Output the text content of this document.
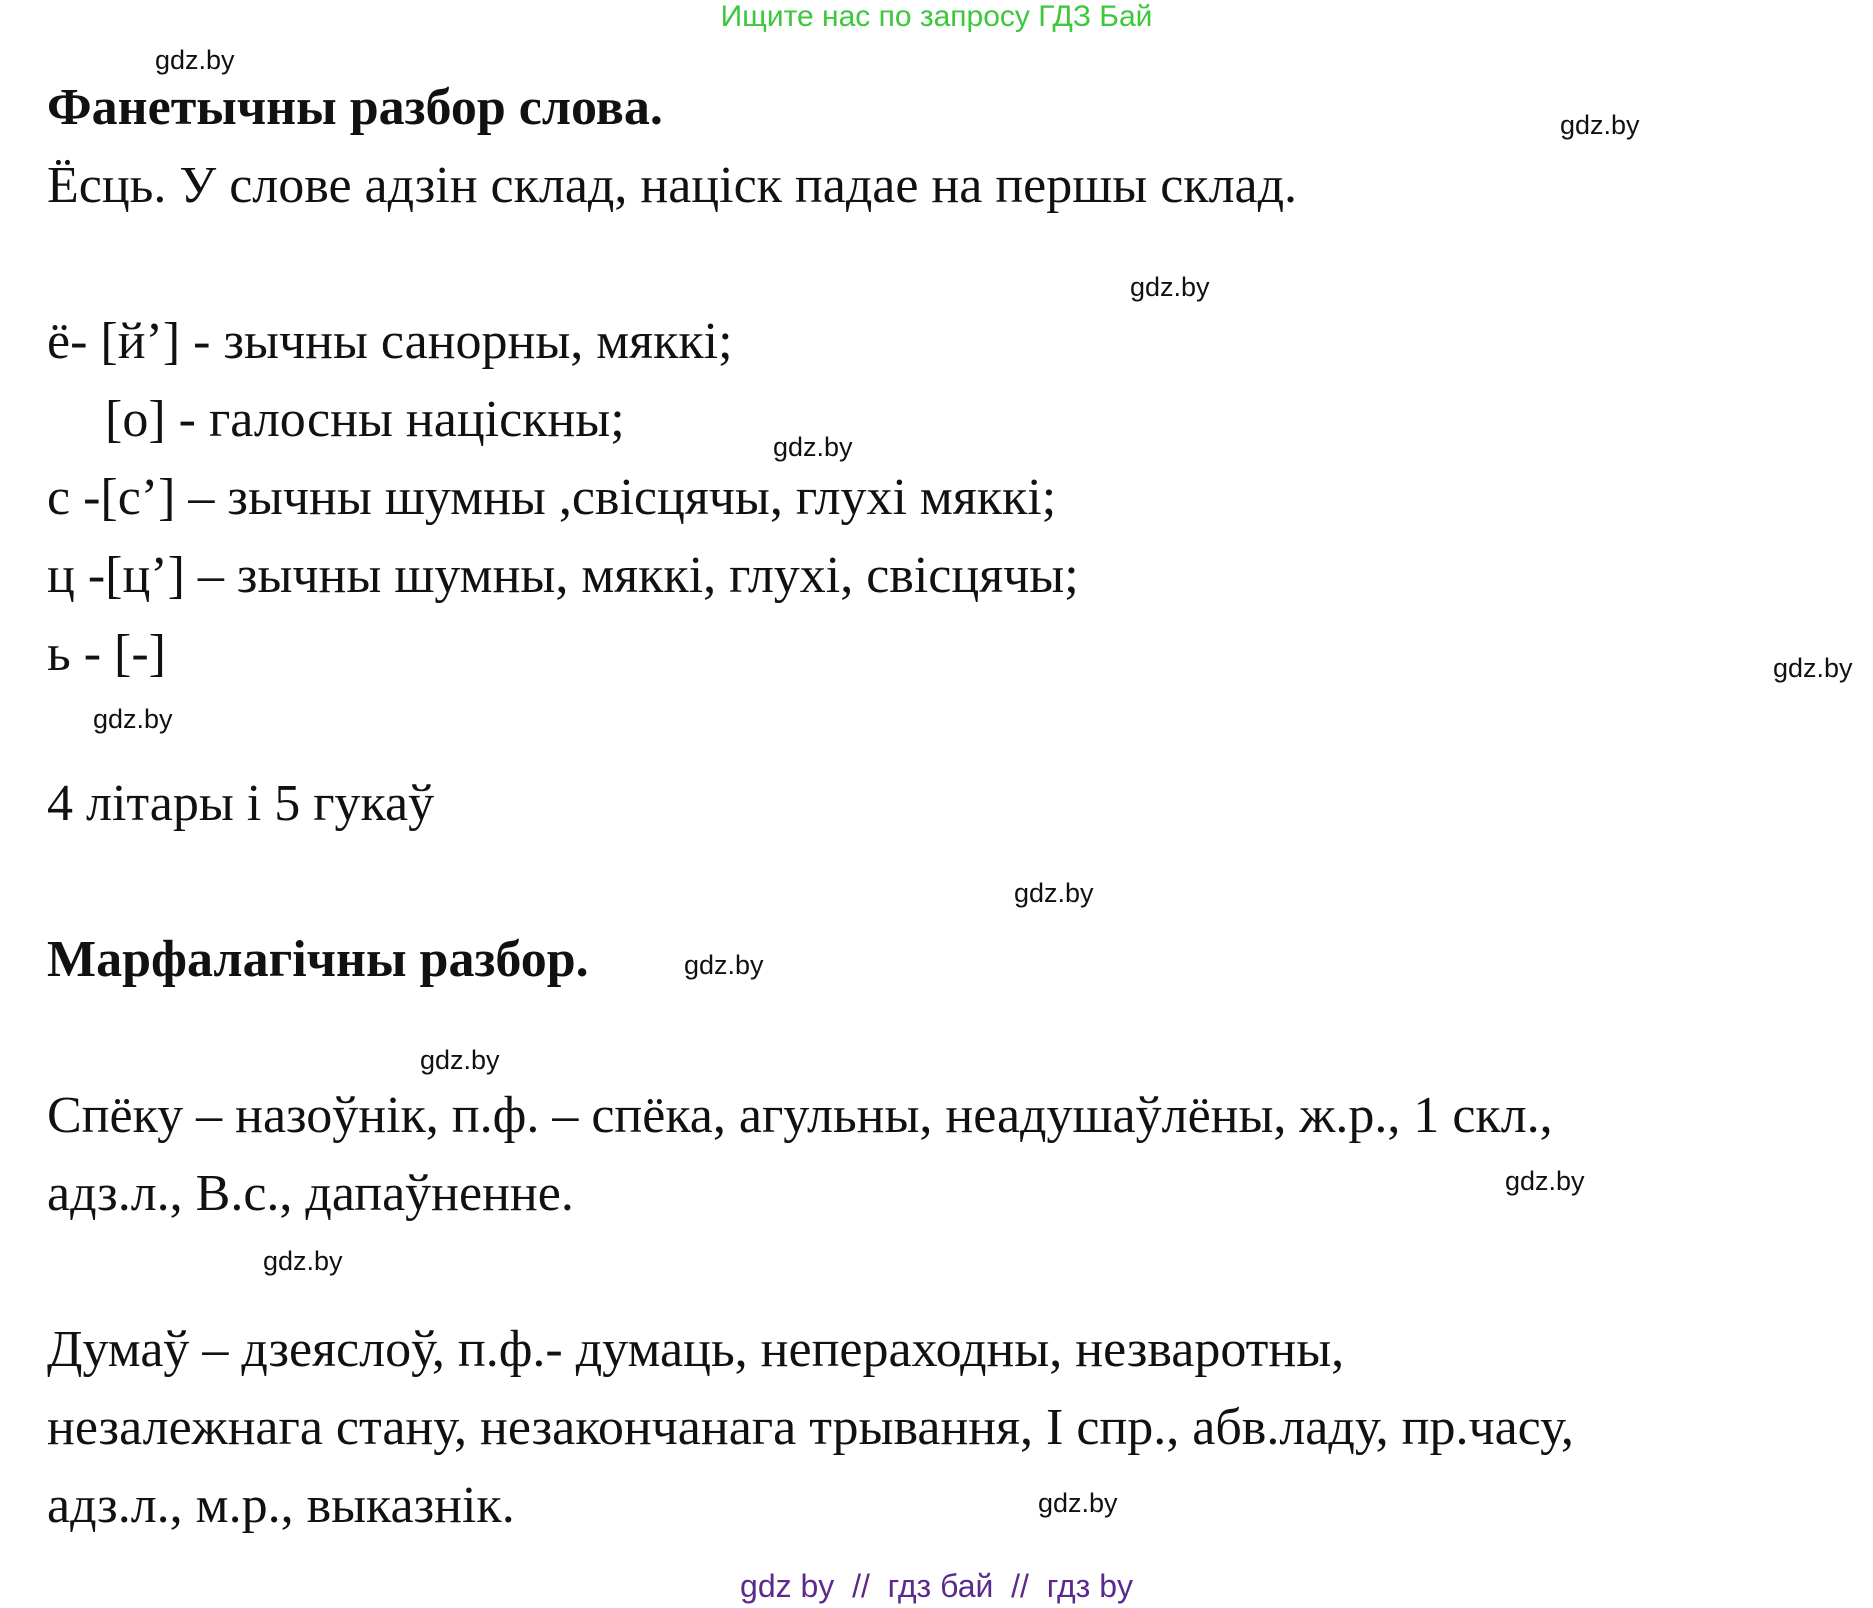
Ищите нас по запросу ГДЗ Бай
gdz.by
gdz.by
gdz.by
gdz.by
gdz.by
gdz.by
gdz.by
gdz.by
gdz.by
gdz.by
gdz.by
gdz.by
Фанетычны разбор слова.
Ёсць. У слове адзін склад, націск падае на першы склад.
ё- [й’] - зычны санорны, мяккі;
[о] - галосны націскны;
с -[с’] – зычны шумны ,свісцячы, глухі мяккі;
ц -[ц’] – зычны шумны, мяккі, глухі, свісцячы;
ь - [-]
4 літары і 5 гукаў
Марфалагічны разбор.
Спёку – назоўнік, п.ф. – спёка, агульны, неадушаўлёны, ж.р., 1 скл.,
адз.л., В.с., дапаўненне.
Думаў – дзеяслоў, п.ф.- думаць, непераходны, незваротны,
незалежнага стану, незакончанага трывання, І спр., абв.ладу, пр.часу,
адз.л., м.р., выказнік.
gdz by  //  гдз бай  //  гдз by
